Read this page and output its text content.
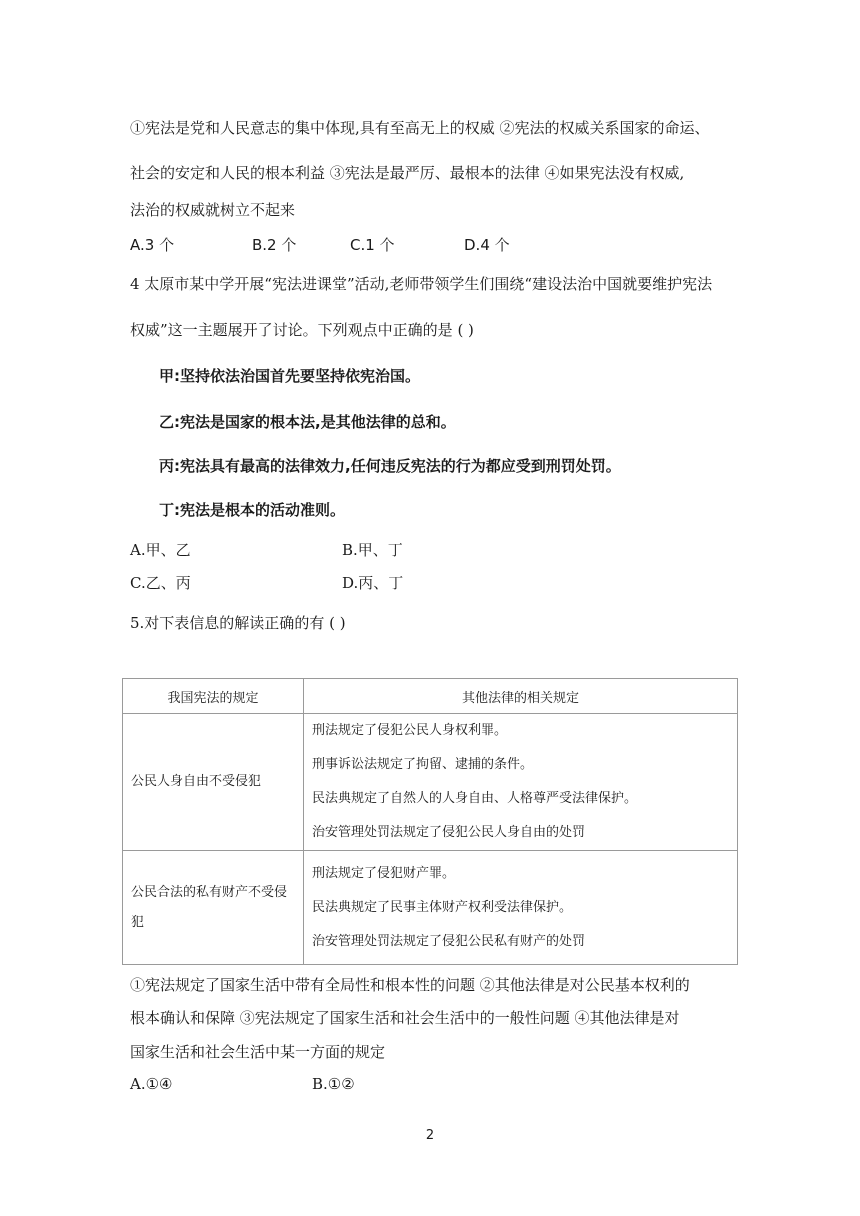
①宪法是党和人民意志的集中体现,具有至高无上的权威 ②宪法的权威关系国家的命运、
社会的安定和人民的根本利益 ③宪法是最严厉、最根本的法律 ④如果宪法没有权威,
法治的权威就树立不起来
A.3 个	B.2 个	C.1 个	D.4 个
4 太原市某中学开展“宪法进课堂”活动,老师带领学生们围绕“建设法治中国就要维护宪法
权威”这一主题展开了讨论。下列观点中正确的是 ( )
甲:坚持依法治国首先要坚持依宪治国。
乙:宪法是国家的根本法,是其他法律的总和。
丙:宪法具有最高的法律效力,任何违反宪法的行为都应受到刑罚处罚。
丁:宪法是根本的活动准则。
A.甲、乙	B.甲、丁
C.乙、丙	D.丙、丁
5.对下表信息的解读正确的有 ( )
我国宪法的规定	其他法律的相关规定
公民人身自由不受侵犯	刑法规定了侵犯公民人身权利罪。

刑事诉讼法规定了拘留、逮捕的条件。

民法典规定了自然人的人身自由、人格尊严受法律保护。

治安管理处罚法规定了侵犯公民人身自由的处罚

公民合法的私有财产不受侵犯	刑法规定了侵犯财产罪。

民法典规定了民事主体财产权利受法律保护。

治安管理处罚法规定了侵犯公民私有财产的处罚

①宪法规定了国家生活中带有全局性和根本性的问题 ②其他法律是对公民基本权利的
根本确认和保障 ③宪法规定了国家生活和社会生活中的一般性问题 ④其他法律是对
国家生活和社会生活中某一方面的规定
A.①④	B.①②
2
